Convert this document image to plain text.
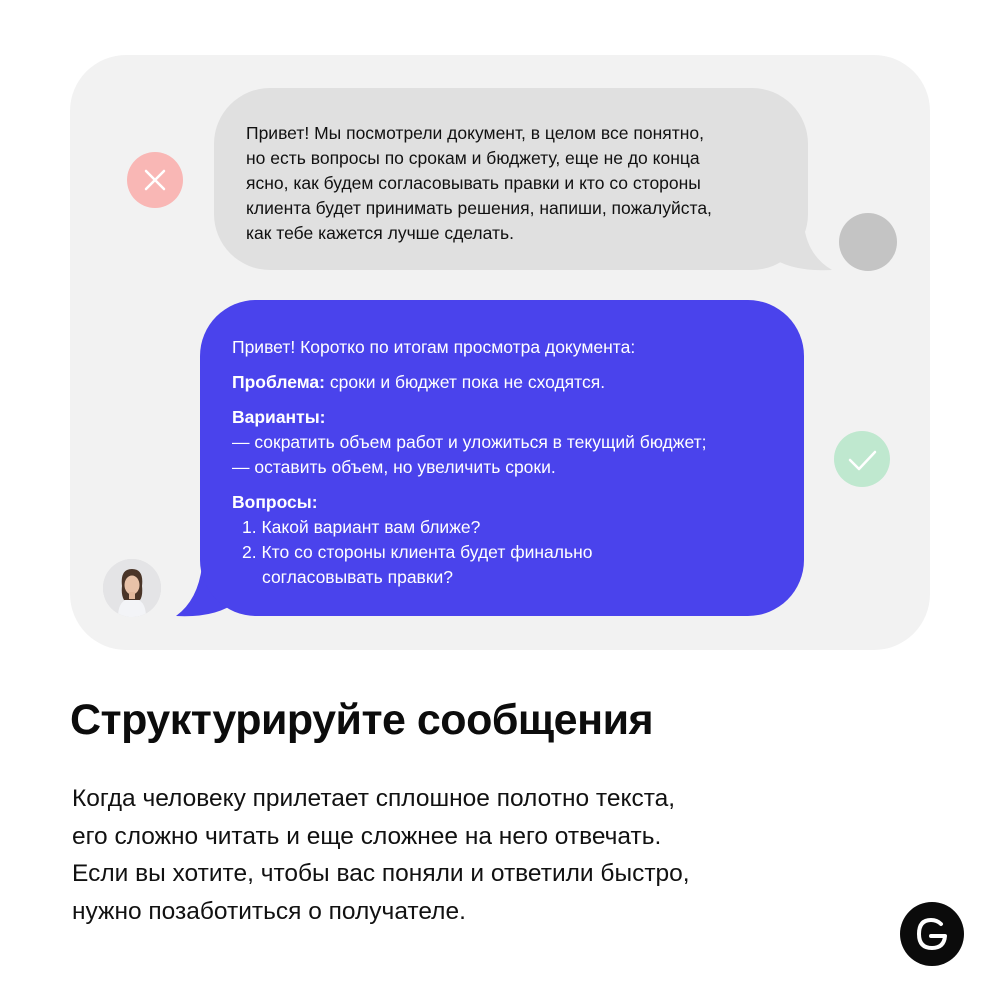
Привет! Мы посмотрели документ, в целом все понятно,
но есть вопросы по срокам и бюджету, еще не до конца
ясно, как будем согласовывать правки и кто со стороны
клиента будет принимать решения, напиши, пожалуйста,
как тебе кажется лучше сделать.
Привет! Коротко по итогам просмотра документа:
Проблема: сроки и бюджет пока не сходятся.
Варианты:
— сократить объем работ и уложиться в текущий бюджет;
— оставить объем, но увеличить сроки.
Вопросы:
1. Какой вариант вам ближе?
2. Кто со стороны клиента будет финально
согласовывать правки?
Структурируйте сообщения
Когда человеку прилетает сплошное полотно текста,
его сложно читать и еще сложнее на него отвечать.
Если вы хотите, чтобы вас поняли и ответили быстро,
нужно позаботиться о получателе.
